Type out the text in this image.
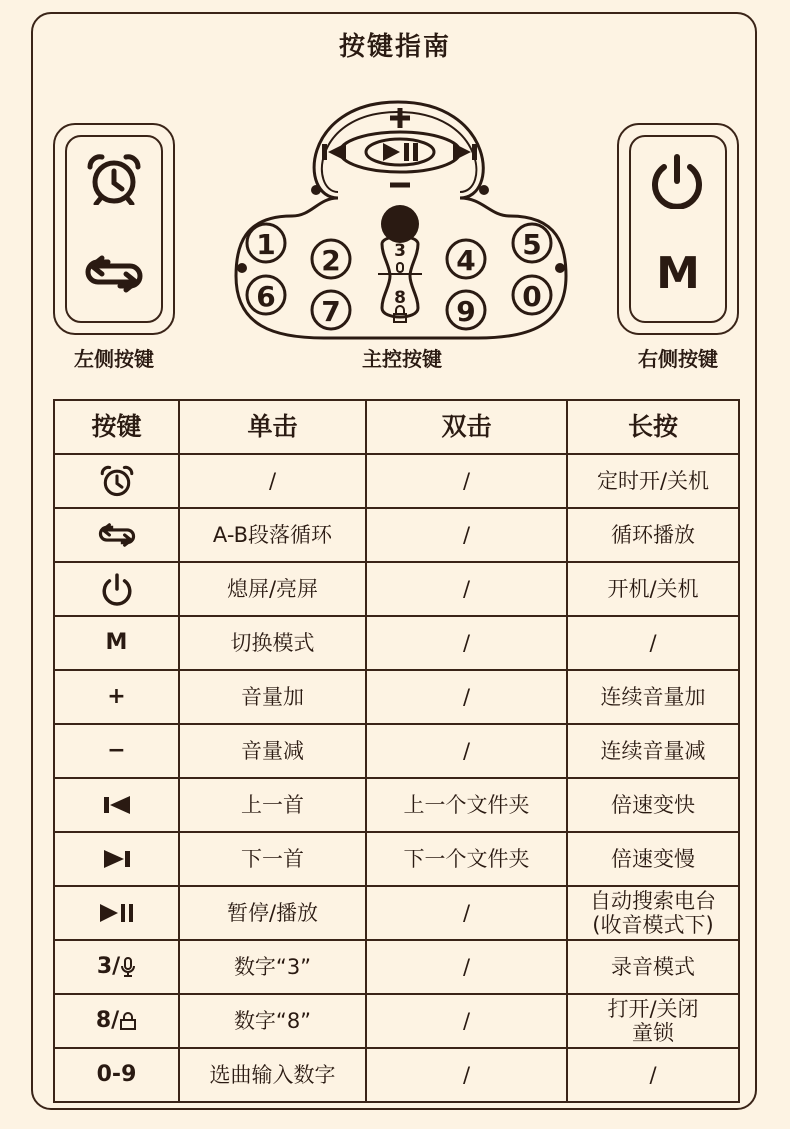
按键指南
左侧按键
M
右侧按键
1	2	3	4	5
6	7	8	9	0
主控按键
按键	单击	双击	长按
	/	/	定时开/关机
	A-B段落循环	/	循环播放
	熄屏/亮屏	/	开机/关机
M	切换模式	/	/
+	音量加	/	连续音量加
−	音量减	/	连续音量减
	上一首	上一个文件夹	倍速变快
	下一首	下一个文件夹	倍速变慢
	暂停/播放	/	自动搜索电台
(收音模式下)
3/	数字“3”	/	录音模式
8/	数字“8”	/	打开/关闭
童锁
0-9	选曲输入数字	/	/
